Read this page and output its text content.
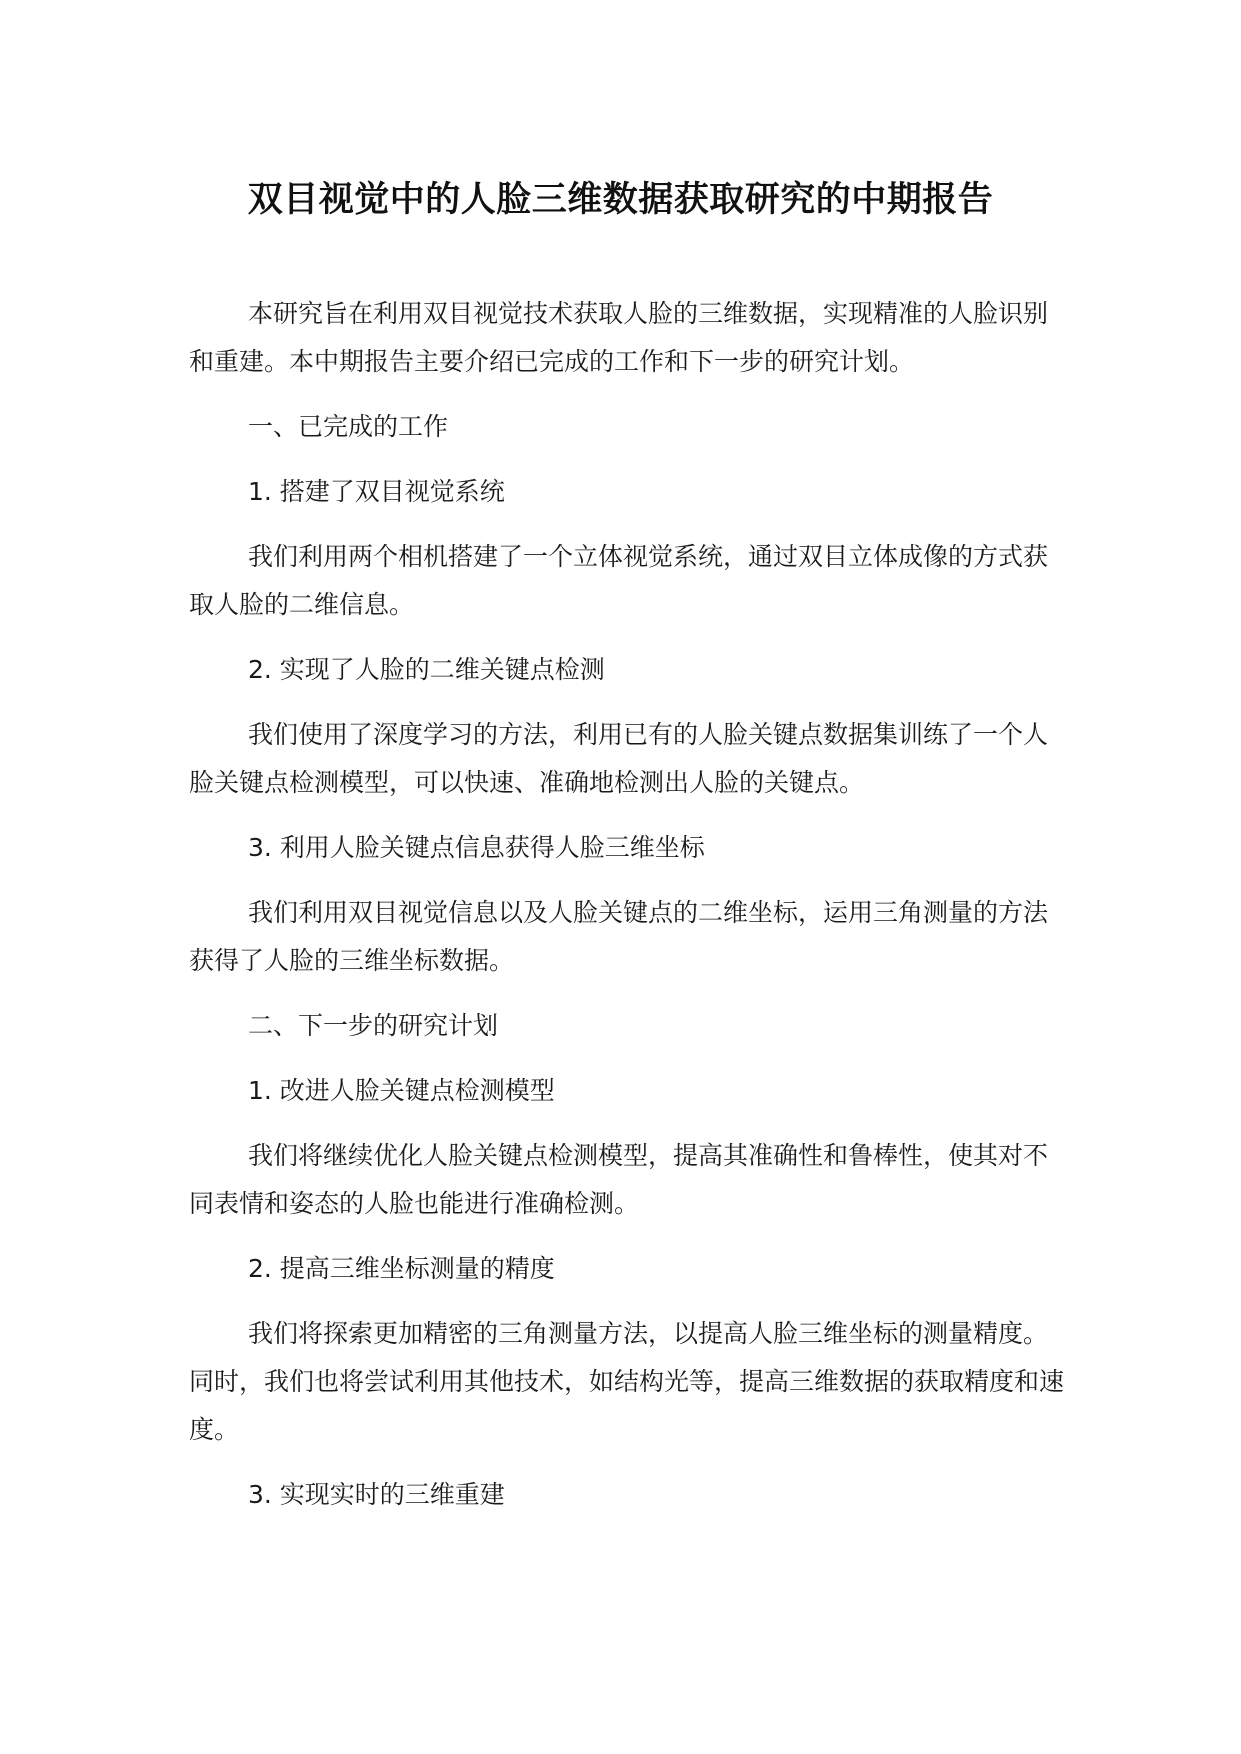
双目视觉中的人脸三维数据获取研究的中期报告

本研究旨在利用双目视觉技术获取人脸的三维数据，实现精准的人脸识别和重建。本中期报告主要介绍已完成的工作和下一步的研究计划。

一、已完成的工作

1. 搭建了双目视觉系统

我们利用两个相机搭建了一个立体视觉系统，通过双目立体成像的方式获取人脸的二维信息。

2. 实现了人脸的二维关键点检测

我们使用了深度学习的方法，利用已有的人脸关键点数据集训练了一个人脸关键点检测模型，可以快速、准确地检测出人脸的关键点。

3. 利用人脸关键点信息获得人脸三维坐标

我们利用双目视觉信息以及人脸关键点的二维坐标，运用三角测量的方法获得了人脸的三维坐标数据。

二、下一步的研究计划

1. 改进人脸关键点检测模型

我们将继续优化人脸关键点检测模型，提高其准确性和鲁棒性，使其对不同表情和姿态的人脸也能进行准确检测。

2. 提高三维坐标测量的精度

我们将探索更加精密的三角测量方法，以提高人脸三维坐标的测量精度。同时，我们也将尝试利用其他技术，如结构光等，提高三维数据的获取精度和速度。

3. 实现实时的三维重建
